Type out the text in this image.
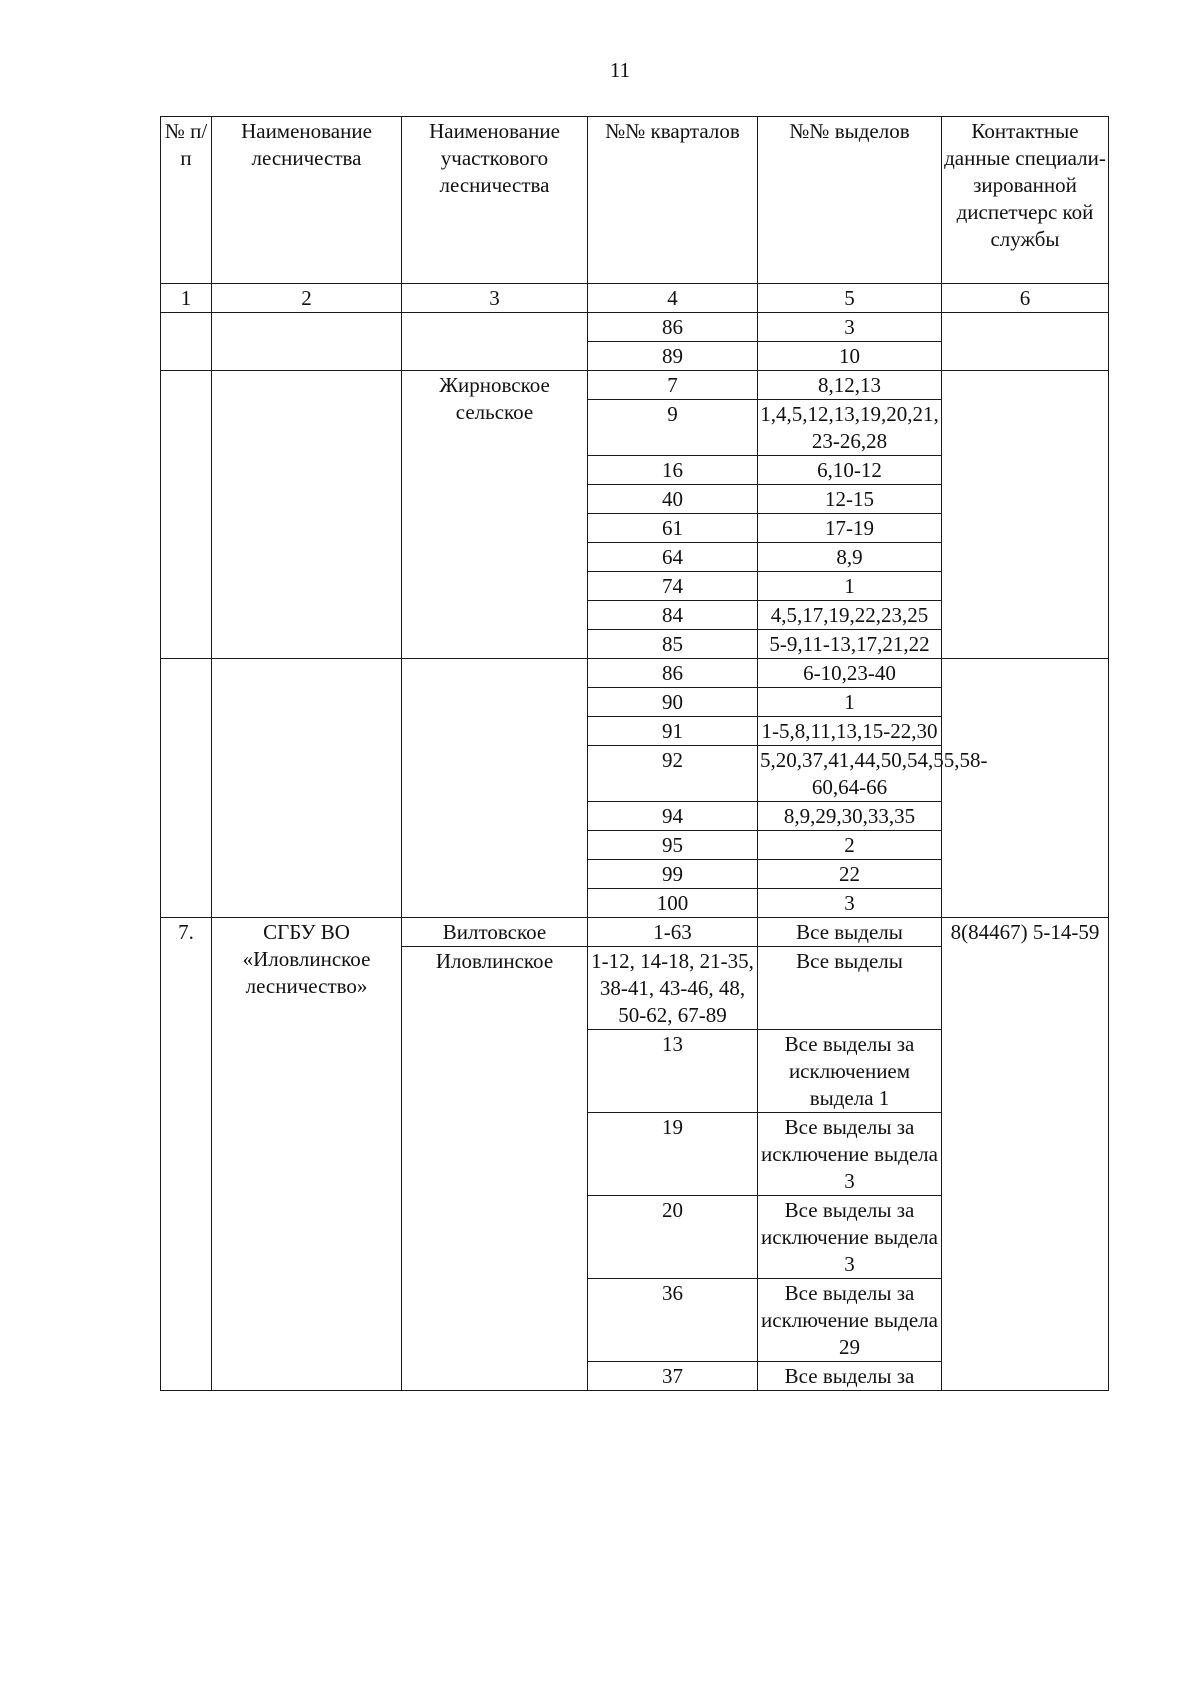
11
№ п/п	Наименование лесничества	Наименование участкового лесничества	№№ кварталов	№№ выделов	Контактные данные специали-зированной диспетчерс кой службы
1	2	3	4	5	6
			86	3	
			89	10	
		Жирновское сельское	7	8,12,13	
			9	1,4,5,12,13,19,20,21,23-26,28	
			16	6,10-12	
			40	12-15	
			61	17-19	
			64	8,9	
			74	1	
			84	4,5,17,19,22,23,25	
			85	5-9,11-13,17,21,22	
			86	6-10,23-40	
			90	1	
			91	1-5,8,11,13,15-22,30	
			92	5,20,37,41,44,50,54,55,58-60,64-66	
			94	8,9,29,30,33,35	
			95	2	
			99	22	
			100	3	
7.	СГБУ ВО «Иловлинское лесничество»	Вилтовское	1-63	Все выделы	8(84467) 5-14-59
		Иловлинское	1-12, 14-18, 21-35, 38-41, 43-46, 48, 50-62, 67-89	Все выделы	
			13	Все выделы за исключением выдела 1	
			19	Все выделы за исключение выдела 3	
			20	Все выделы за исключение выдела 3	
			36	Все выделы за исключение выдела 29	
			37	Все выделы за	
